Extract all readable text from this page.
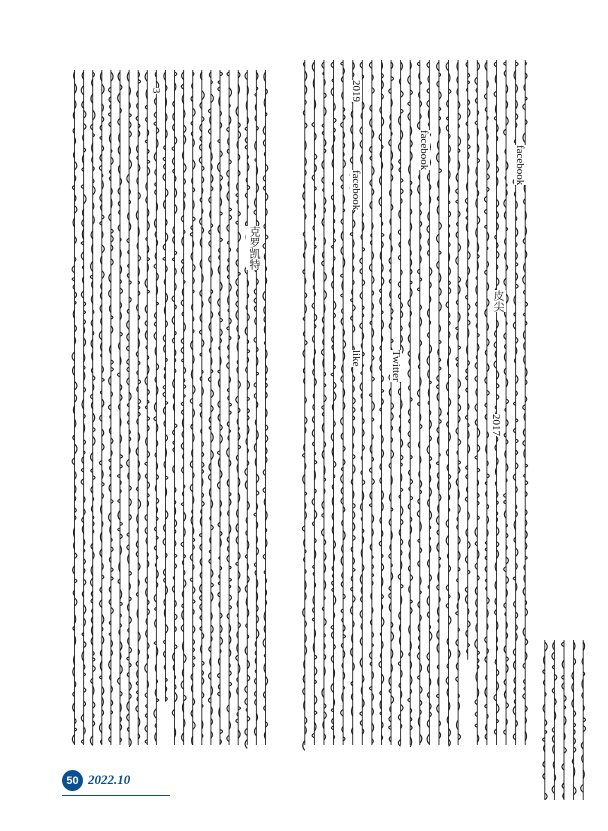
克罗凯特
3
facebook
2017
皮尖
facebook
Twitter
2019
facebook
like
50 2022.10
